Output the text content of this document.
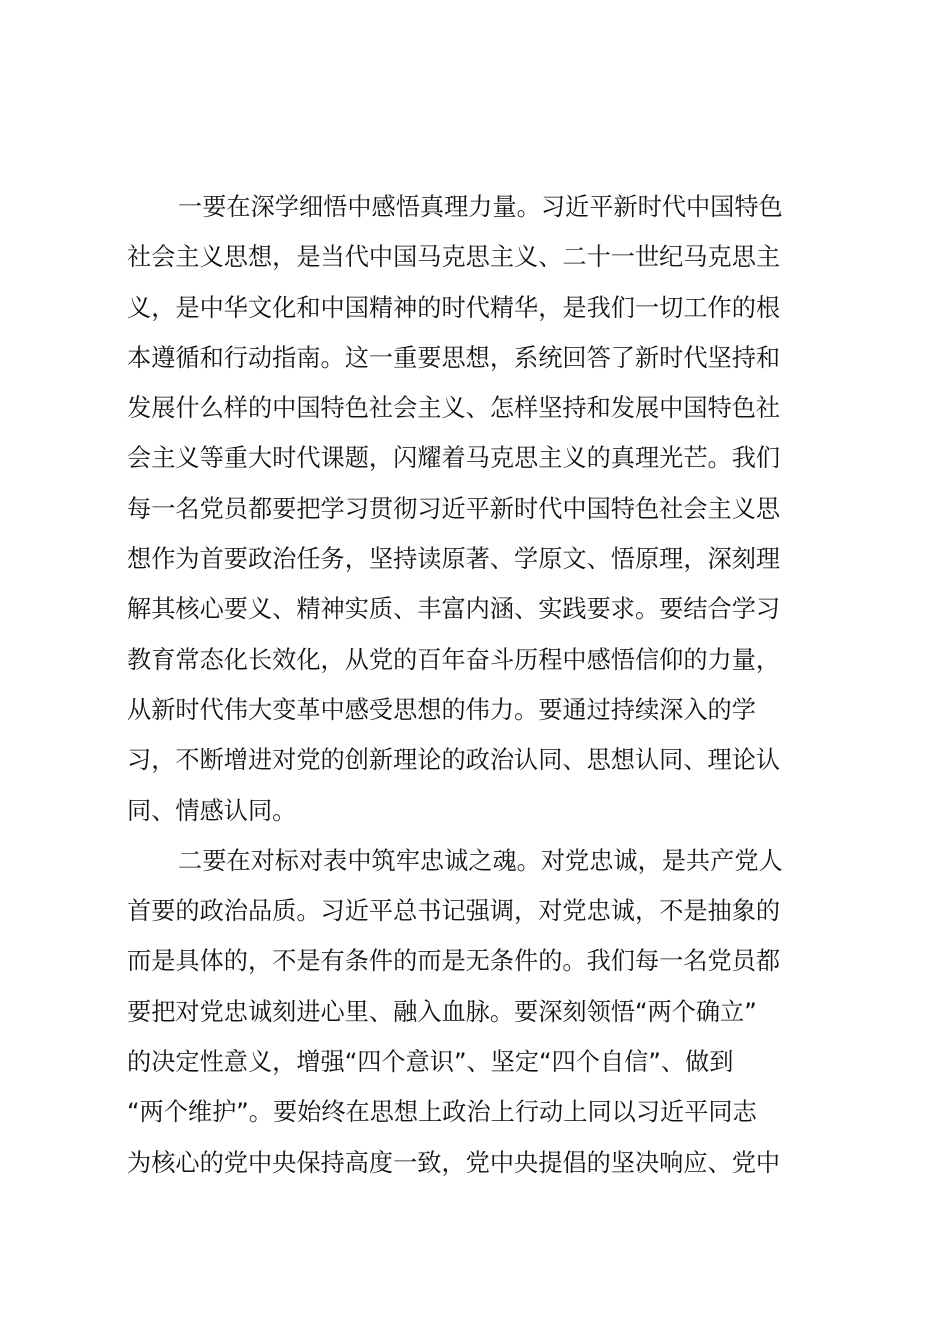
一要在深学细悟中感悟真理力量。习近平新时代中国特色
社会主义思想，是当代中国马克思主义、二十一世纪马克思主
义，是中华文化和中国精神的时代精华，是我们一切工作的根
本遵循和行动指南。这一重要思想，系统回答了新时代坚持和
发展什么样的中国特色社会主义、怎样坚持和发展中国特色社
会主义等重大时代课题，闪耀着马克思主义的真理光芒。我们
每一名党员都要把学习贯彻习近平新时代中国特色社会主义思
想作为首要政治任务，坚持读原著、学原文、悟原理，深刻理
解其核心要义、精神实质、丰富内涵、实践要求。要结合学习
教育常态化长效化，从党的百年奋斗历程中感悟信仰的力量，
从新时代伟大变革中感受思想的伟力。要通过持续深入的学
习，不断增进对党的创新理论的政治认同、思想认同、理论认
同、情感认同。
二要在对标对表中筑牢忠诚之魂。对党忠诚，是共产党人
首要的政治品质。习近平总书记强调，对党忠诚，不是抽象的
而是具体的，不是有条件的而是无条件的。我们每一名党员都
要把对党忠诚刻进心里、融入血脉。要深刻领悟“两个确立”
的决定性意义，增强“四个意识”、坚定“四个自信”、做到
“两个维护”。要始终在思想上政治上行动上同以习近平同志
为核心的党中央保持高度一致，党中央提倡的坚决响应、党中
